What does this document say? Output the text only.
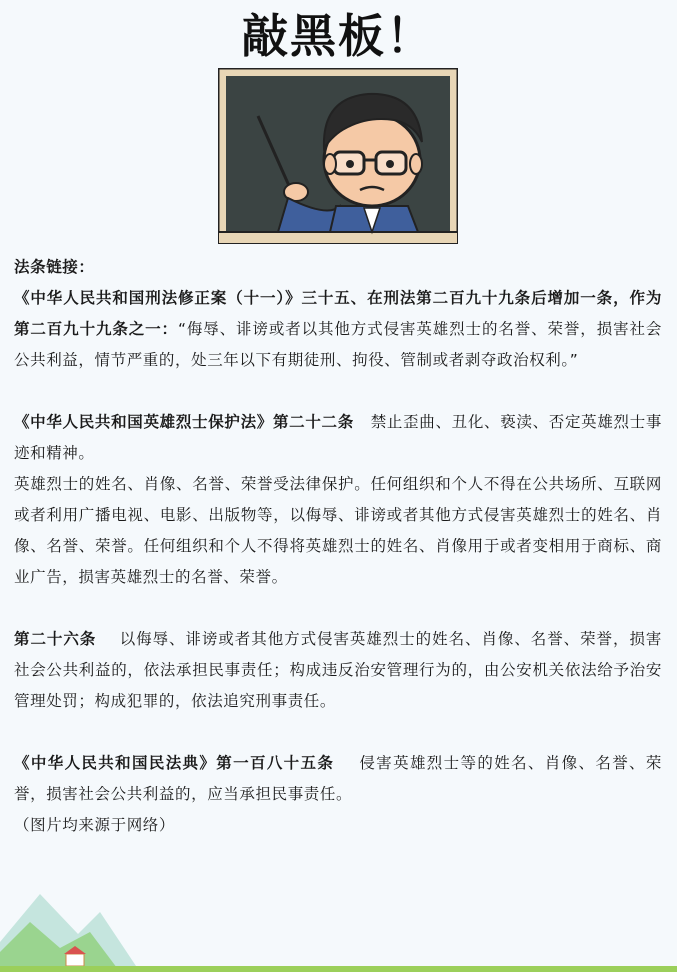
敲黑板！

法条链接：

《中华人民共和国刑法修正案（十一）》三十五、在刑法第二百九十九条后增加一条，作为第二百九十九条之一：“侮辱、诽谤或者以其他方式侵害英雄烈士的名誉、荣誉，损害社会公共利益，情节严重的，处三年以下有期徒刑、拘役、管制或者剥夺政治权利。”

《中华人民共和国英雄烈士保护法》第二十二条 禁止歪曲、丑化、亵渎、否定英雄烈士事迹和精神。

英雄烈士的姓名、肖像、名誉、荣誉受法律保护。任何组织和个人不得在公共场所、互联网或者利用广播电视、电影、出版物等，以侮辱、诽谤或者其他方式侵害英雄烈士的姓名、肖像、名誉、荣誉。任何组织和个人不得将英雄烈士的姓名、肖像用于或者变相用于商标、商业广告，损害英雄烈士的名誉、荣誉。

第二十六条 以侮辱、诽谤或者其他方式侵害英雄烈士的姓名、肖像、名誉、荣誉，损害社会公共利益的，依法承担民事责任；构成违反治安管理行为的，由公安机关依法给予治安管理处罚；构成犯罪的，依法追究刑事责任。

《中华人民共和国民法典》第一百八十五条 侵害英雄烈士等的姓名、肖像、名誉、荣誉，损害社会公共利益的，应当承担民事责任。

（图片均来源于网络）
